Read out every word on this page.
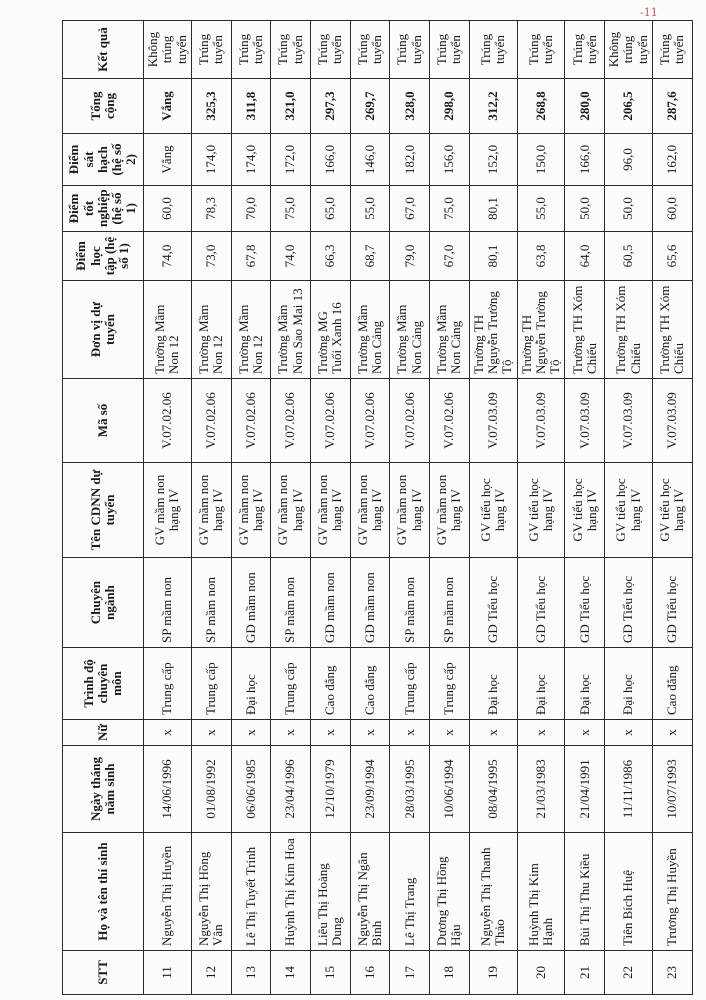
-11
STT	Họ và tên thí sinh	Ngày tháng năm sinh	Nữ	Trình độ chuyên môn	Chuyên ngành	Tên CDNN dự tuyển	Mã số	Đơn vị dự tuyển	Điểm học tập (hệ số 1)	Điểm tốt nghiệp (hệ số 1)	Điểm sát hạch (hệ số 2)	Tổng cộng	Kết quả
11	Nguyễn Thị Huyền	14/06/1996	x	Trung cấp	SP mầm non	GV mầm non hạng IV	V.07.02.06	Trường Mầm Non 12	74,0	60,0	Vắng	Vắng	Không trúng tuyển
12	Nguyễn Thị Hồng Vân	01/08/1992	x	Trung cấp	SP mầm non	GV mầm non hạng IV	V.07.02.06	Trường Mầm Non 12	73,0	78,3	174,0	325,3	Trúng tuyển
13	Lê Thị Tuyết Trinh	06/06/1985	x	Đại học	GD mầm non	GV mầm non hạng IV	V.07.02.06	Trường Mầm Non 12	67,8	70,0	174,0	311,8	Trúng tuyển
14	Huỳnh Thị Kim Hoa	23/04/1996	x	Trung cấp	SP mầm non	GV mầm non hạng IV	V.07.02.06	Trường Mầm Non Sao Mai 13	74,0	75,0	172,0	321,0	Trúng tuyển
15	Liêu Thị Hoàng Dung	12/10/1979	x	Cao đẳng	GD mầm non	GV mầm non hạng IV	V.07.02.06	Trường MG Tuổi Xanh 16	66,3	65,0	166,0	297,3	Trúng tuyển
16	Nguyễn Thị Ngân Bình	23/09/1994	x	Cao đẳng	GD mầm non	GV mầm non hạng IV	V.07.02.06	Trường Mầm Non Cảng	68,7	55,0	146,0	269,7	Trúng tuyển
17	Lê Thị Trang	28/03/1995	x	Trung cấp	SP mầm non	GV mầm non hạng IV	V.07.02.06	Trường Mầm Non Cảng	79,0	67,0	182,0	328,0	Trúng tuyển
18	Dương Thị Hồng Hậu	10/06/1994	x	Trung cấp	SP mầm non	GV mầm non hạng IV	V.07.02.06	Trường Mầm Non Cảng	67,0	75,0	156,0	298,0	Trúng tuyển
19	Nguyễn Thị Thanh Thảo	08/04/1995	x	Đại học	GD Tiểu học	GV tiểu học hạng IV	V.07.03.09	Trường TH Nguyễn Trường Tộ	80,1	80,1	152,0	312,2	Trúng tuyển
20	Huỳnh Thị Kim Hạnh	21/03/1983	x	Đại học	GD Tiểu học	GV tiểu học hạng IV	V.07.03.09	Trường TH Nguyễn Trường Tộ	63,8	55,0	150,0	268,8	Trúng tuyển
21	Bùi Thị Thu Kiều	21/04/1991	x	Đại học	GD Tiểu học	GV tiểu học hạng IV	V.07.03.09	Trường TH Xóm Chiếu	64,0	50,0	166,0	280,0	Trúng tuyển
22	Tiên Bích Huệ	11/11/1986	x	Đại học	GD Tiểu học	GV tiểu học hạng IV	V.07.03.09	Trường TH Xóm Chiếu	60,5	50,0	96,0	206,5	Không trúng tuyển
23	Trương Thị Huyền	10/07/1993	x	Cao đẳng	GD Tiểu học	GV tiểu học hạng IV	V.07.03.09	Trường TH Xóm Chiếu	65,6	60,0	162,0	287,6	Trúng tuyển
